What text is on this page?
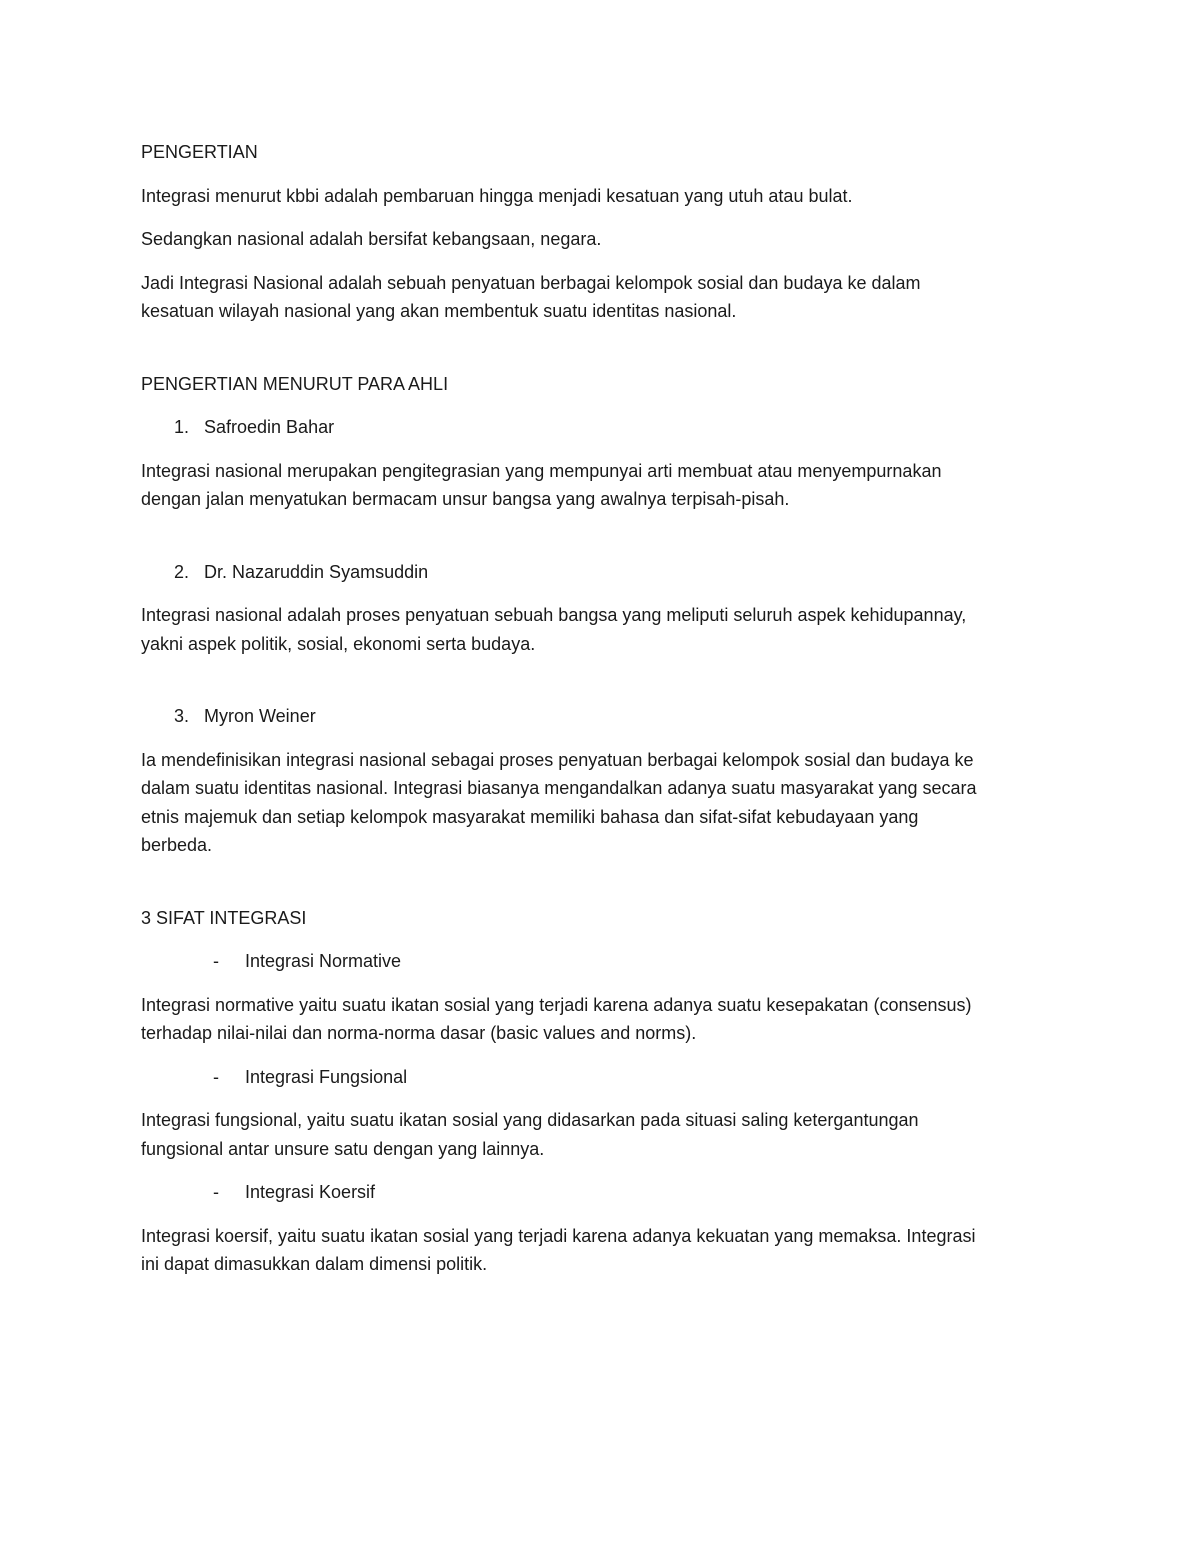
PENGERTIAN

Integrasi menurut kbbi adalah pembaruan hingga menjadi kesatuan yang utuh atau bulat.

Sedangkan nasional adalah bersifat kebangsaan, negara.

Jadi Integrasi Nasional adalah sebuah penyatuan berbagai kelompok sosial dan budaya ke dalam

kesatuan wilayah nasional yang akan membentuk suatu identitas nasional.

PENGERTIAN MENURUT PARA AHLI

1. Safroedin Bahar

Integrasi nasional merupakan pengitegrasian yang mempunyai arti membuat atau menyempurnakan

dengan jalan menyatukan bermacam unsur bangsa yang awalnya terpisah-pisah.

2. Dr. Nazaruddin Syamsuddin

Integrasi nasional adalah proses penyatuan sebuah bangsa yang meliputi seluruh aspek kehidupannay,

yakni aspek politik, sosial, ekonomi serta budaya.

3. Myron Weiner

Ia mendefinisikan integrasi nasional sebagai proses penyatuan berbagai kelompok sosial dan budaya ke

dalam suatu identitas nasional. Integrasi biasanya mengandalkan adanya suatu masyarakat yang secara

etnis majemuk dan setiap kelompok masyarakat memiliki bahasa dan sifat-sifat kebudayaan yang

berbeda.

3 SIFAT INTEGRASI

-	Integrasi Normative

Integrasi normative yaitu suatu ikatan sosial yang terjadi karena adanya suatu kesepakatan (consensus)

terhadap nilai-nilai dan norma-norma dasar (basic values and norms).

-	Integrasi Fungsional

Integrasi fungsional, yaitu suatu ikatan sosial yang didasarkan pada situasi saling ketergantungan

fungsional antar unsure satu dengan yang lainnya.

-	Integrasi Koersif

Integrasi koersif, yaitu suatu ikatan sosial yang terjadi karena adanya kekuatan yang memaksa. Integrasi

ini dapat dimasukkan dalam dimensi politik.
